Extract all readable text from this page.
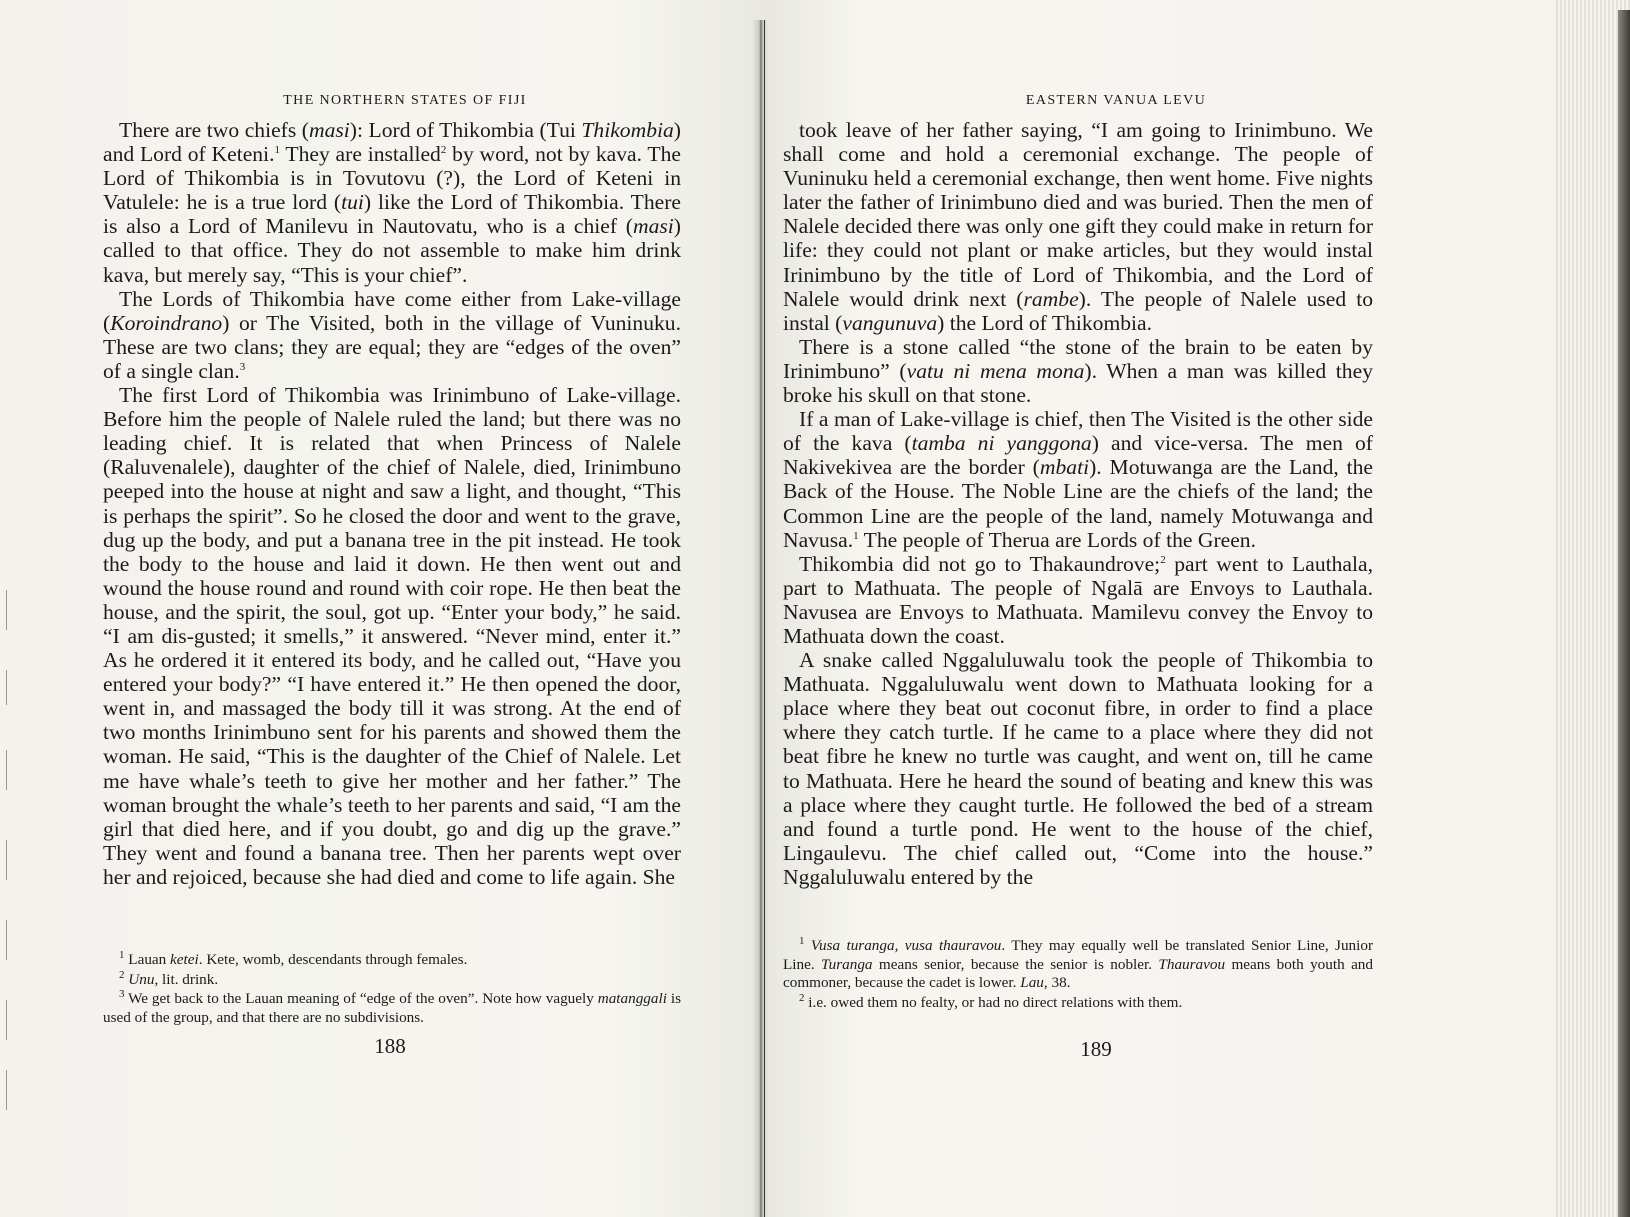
THE NORTHERN STATES OF FIJI

There are two chiefs (masi): Lord of Thikombia (Tui Thikombia) and Lord of Keteni.$^1$ They are installed$^2$ by word, not by kava. The Lord of Thikombia is in Tovutovu (?), the Lord of Keteni in Vatulele: he is a true lord (tui) like the Lord of Thikombia. There is also a Lord of Manilevu in Nautovatu, who is a chief (masi) called to that office. They do not assemble to make him drink kava, but merely say, “This is your chief”.

The Lords of Thikombia have come either from Lake-village (Koroindrano) or The Visited, both in the village of Vuninuku. These are two clans; they are equal; they are “edges of the oven” of a single clan.$^3$

The first Lord of Thikombia was Irinimbuno of Lake-village. Before him the people of Nalele ruled the land; but there was no leading chief. It is related that when Princess of Nalele (Raluvenalele), daughter of the chief of Nalele, died, Irinimbuno peeped into the house at night and saw a light, and thought, “This is perhaps the spirit”. So he closed the door and went to the grave, dug up the body, and put a banana tree in the pit instead. He took the body to the house and laid it down. He then went out and wound the house round and round with coir rope. He then beat the house, and the spirit, the soul, got up. “Enter your body,” he said. “I am dis-gusted; it smells,” it answered. “Never mind, enter it.” As he ordered it it entered its body, and he called out, “Have you entered your body?” “I have entered it.” He then opened the door, went in, and massaged the body till it was strong. At the end of two months Irinimbuno sent for his parents and showed them the woman. He said, “This is the daughter of the Chief of Nalele. Let me have whale’s teeth to give her mother and her father.” The woman brought the whale’s teeth to her parents and said, “I am the girl that died here, and if you doubt, go and dig up the grave.” They went and found a banana tree. Then her parents wept over her and rejoiced, because she had died and come to life again. She

$^1$ Lauan ketei. Kete, womb, descendants through females.

$^2$ Unu, lit. drink.

$^3$ We get back to the Lauan meaning of “edge of the oven”. Note how vaguely matanggali is used of the group, and that there are no subdivisions.

188
EASTERN VANUA LEVU

took leave of her father saying, “I am going to Irinimbuno. We shall come and hold a ceremonial exchange. The people of Vuninuku held a ceremonial exchange, then went home. Five nights later the father of Irinimbuno died and was buried. Then the men of Nalele decided there was only one gift they could make in return for life: they could not plant or make articles, but they would instal Irinimbuno by the title of Lord of Thikombia, and the Lord of Nalele would drink next (rambe). The people of Nalele used to instal (vangunuva) the Lord of Thikombia.

There is a stone called “the stone of the brain to be eaten by Irinimbuno” (vatu ni mena mona). When a man was killed they broke his skull on that stone.

If a man of Lake-village is chief, then The Visited is the other side of the kava (tamba ni yanggona) and vice-versa. The men of Nakivekivea are the border (mbati). Motuwanga are the Land, the Back of the House. The Noble Line are the chiefs of the land; the Common Line are the people of the land, namely Motuwanga and Navusa.$^1$ The people of Therua are Lords of the Green.

Thikombia did not go to Thakaundrove;$^2$ part went to Lauthala, part to Mathuata. The people of Ngalā are Envoys to Lauthala. Navusea are Envoys to Mathuata. Mamilevu convey the Envoy to Mathuata down the coast.

A snake called Nggaluluwalu took the people of Thikombia to Mathuata. Nggaluluwalu went down to Mathuata looking for a place where they beat out coconut fibre, in order to find a place where they catch turtle. If he came to a place where they did not beat fibre he knew no turtle was caught, and went on, till he came to Mathuata. Here he heard the sound of beating and knew this was a place where they caught turtle. He followed the bed of a stream and found a turtle pond. He went to the house of the chief, Lingaulevu. The chief called out, “Come into the house.” Nggaluluwalu entered by the

$^1$ Vusa turanga, vusa thauravou. They may equally well be translated Senior Line, Junior Line. Turanga means senior, because the senior is nobler. Thauravou means both youth and commoner, because the cadet is lower. Lau, 38.

$^2$ i.e. owed them no fealty, or had no direct relations with them.

189
